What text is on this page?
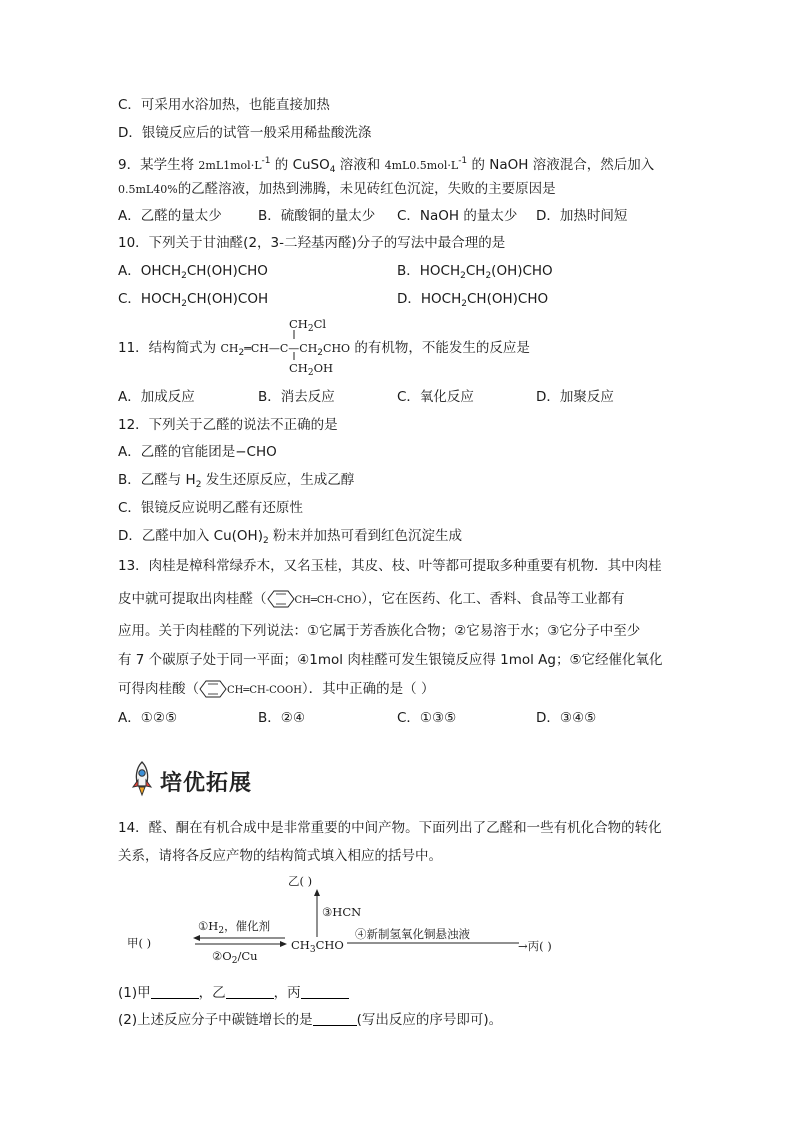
C．可采用水浴加热，也能直接加热
D．银镜反应后的试管一般采用稀盐酸洗涤
9．某学生将 $2mL1mol\cdot L^{-1}$ 的 CuSO$_4$ 溶液和 $4mL0.5mol\cdot L^{-1}$ 的 NaOH 溶液混合，然后加入
0.5mL40%的乙醛溶液，加热到沸腾，未见砖红色沉淀，失败的主要原因是
A．乙醛的量太少	B．硫酸铜的量太少 C．NaOH 的量太少 D．加热时间短
10．下列关于甘油醛(2，3-二羟基丙醛)分子的写法中最合理的是
A．$OHCH_2CH(OH)CHO$	B．$HOCH_2CH_2(OH)CHO$
C．$HOCH_2CH(OH)COH$	D．$HOCH_2CH(OH)CHO$
$CH_2Cl$
11．结构简式为 $CH_2═CH—C—CH_2CHO$ 的有机物，不能发生的反应是
$CH_2OH$
A．加成反应	B．消去反应	C．氧化反应	D．加聚反应
12．下列关于乙醛的说法不正确的是
A．乙醛的官能团是−CHO
B．乙醛与 $H_2$ 发生还原反应，生成乙醇
C．银镜反应说明乙醛有还原性
D．乙醛中加入 $Cu(OH)_2$ 粉末并加热可看到红色沉淀生成
13．肉桂是樟科常绿乔木，又名玉桂，其皮、枝、叶等都可提取多种重要有机物．其中肉桂
皮中就可提取出肉桂醛（	CH═CH-CHO），它在医药、化工、香料、食品等工业都有
应用。关于肉桂醛的下列说法：①它属于芳香族化合物；②它易溶于水；③它分子中至少
有 7 个碳原子处于同一平面；④1mol 肉桂醛可发生银镜反应得 1mol Ag；⑤它经催化氧化
可得肉桂酸（	CH═CH-COOH）．其中正确的是（ ）
A．①②⑤	B．②④	C．①③⑤	D．③④⑤
培优拓展
14．醛、酮在有机合成中是非常重要的中间产物。下面列出了乙醛和一些有机化合物的转化
关系，请将各反应产物的结构简式填入相应的括号中。
乙( )
③HCN
甲( )
$①H_2$，催化剂
$②O_2/Cu$
$CH_3CHO$
④新制氢氧化铜悬浊液
→丙( )
(1)甲	，乙	，丙
(2)上述反应分子中碳链增长的是	(写出反应的序号即可)。
